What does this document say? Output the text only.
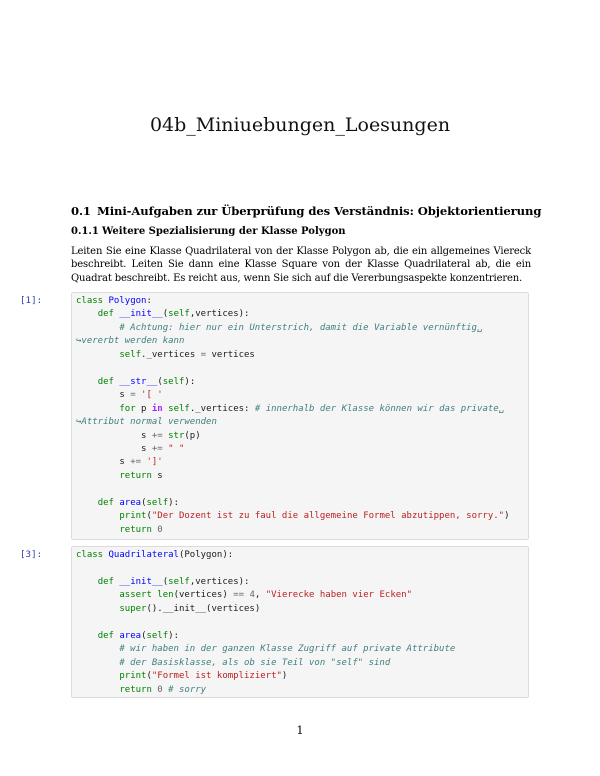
04b_Miniuebungen_Loesungen
0.1 Mini-Aufgaben zur Überprüfung des Verständnis: Objektorientierung
0.1.1 Weitere Spezialisierung der Klasse Polygon
Leiten Sie eine Klasse Quadrilateral von der Klasse Polygon ab, die ein allgemeines Viereck beschreibt. Leiten Sie dann eine Klasse Square von der Klasse Quadrilateral ab, die ein Quadrat beschreibt. Es reicht aus, wenn Sie sich auf die Vererbungsaspekte konzentrieren.
[1]:	class Polygon:
def __init__(self,vertices):
# Achtung: hier nur ein Unterstrich, damit die Variable vernünftig␣
↪vererbt werden kann
self._vertices = vertices

def __str__(self):
s = '[ '
for p in self._vertices: # innerhalb der Klasse können wir das private␣
↪Attribut normal verwenden
s += str(p)
s += " "
s += ']'
return s

def area(self):
print("Der Dozent ist zu faul die allgemeine Formel abzutippen, sorry.")
return 0
[3]:	class Quadrilateral(Polygon):

def __init__(self,vertices):
assert len(vertices) == 4, "Vierecke haben vier Ecken"
super().__init__(vertices)

def area(self):
# wir haben in der ganzen Klasse Zugriff auf private Attribute
# der Basisklasse, als ob sie Teil von "self" sind
print("Formel ist kompliziert")
return 0 # sorry
1
